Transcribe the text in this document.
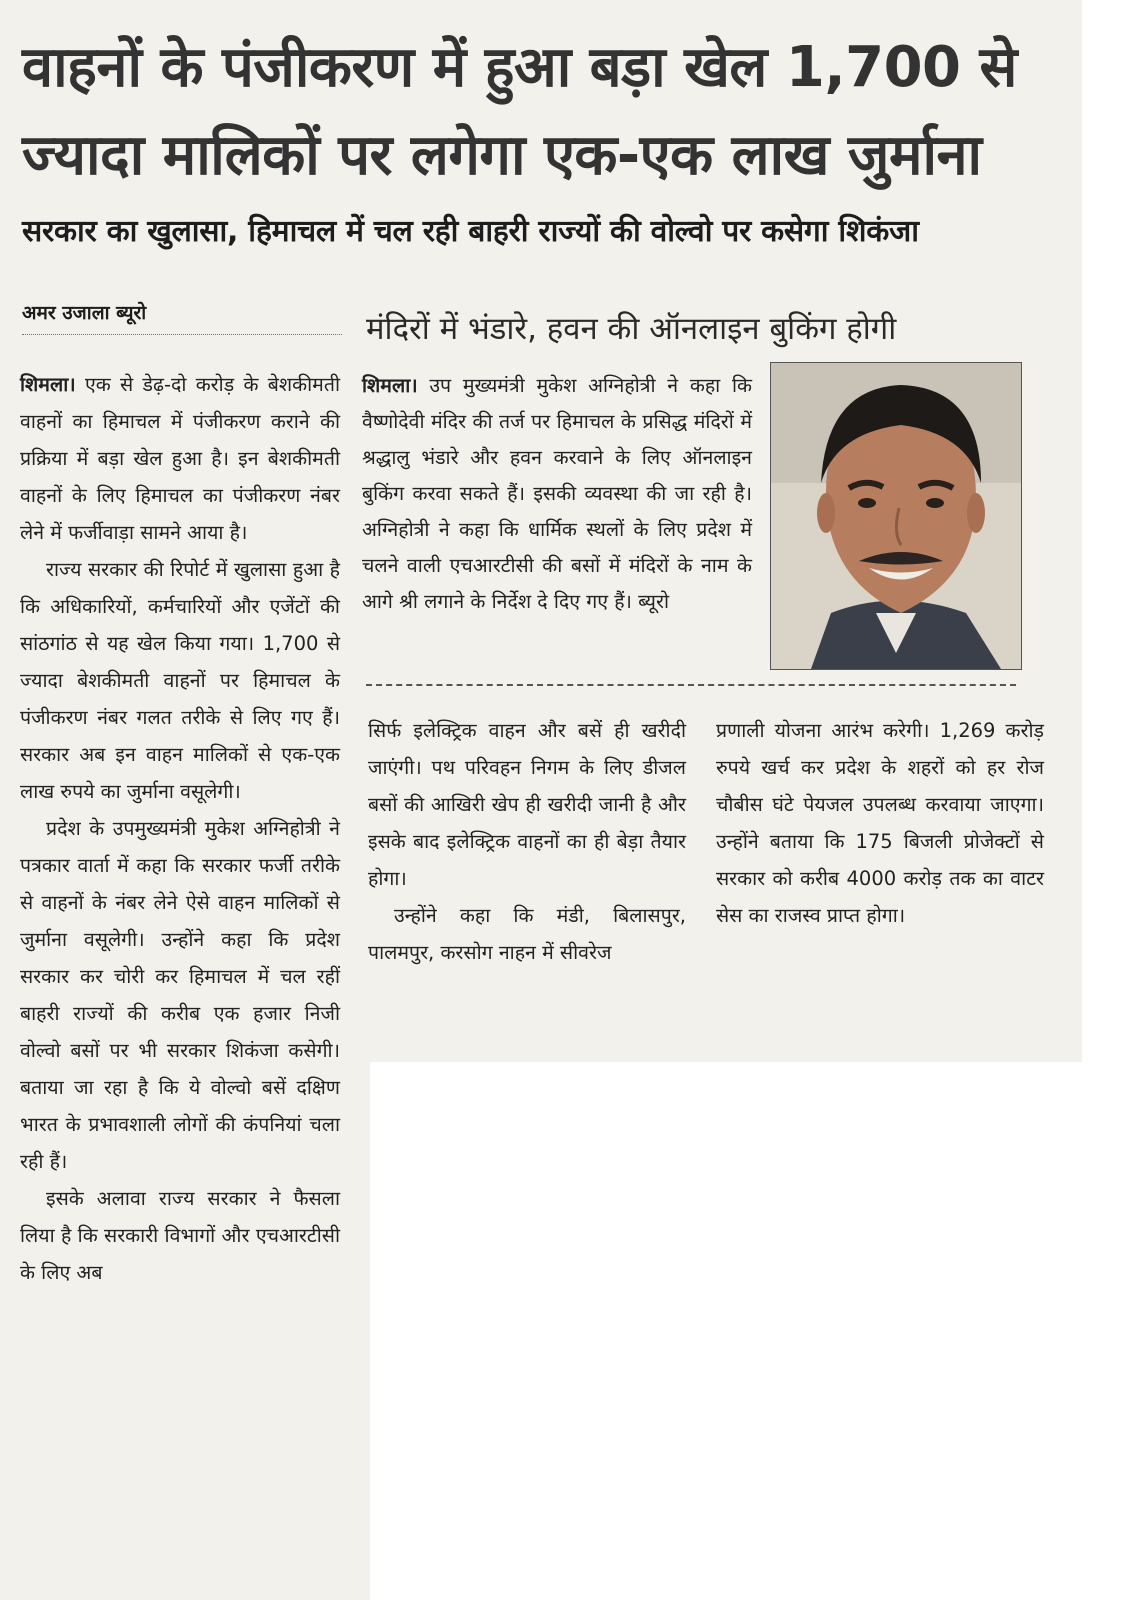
वाहनों के पंजीकरण में हुआ बड़ा खेल 1,700 से
ज्यादा मालिकों पर लगेगा एक-एक लाख जुर्माना
सरकार का खुलासा, हिमाचल में चल रही बाहरी राज्यों की वोल्वो पर कसेगा शिकंजा
अमर उजाला ब्यूरो

शिमला। एक से डेढ़-दो करोड़ के बेशकीमती वाहनों का हिमाचल में पंजीकरण कराने की प्रक्रिया में बड़ा खेल हुआ है। इन बेशकीमती वाहनों के लिए हिमाचल का पंजीकरण नंबर लेने में फर्जीवाड़ा सामने आया है।

राज्य सरकार की रिपोर्ट में खुलासा हुआ है कि अधिकारियों, कर्मचारियों और एजेंटों की सांठगांठ से यह खेल किया गया। 1,700 से ज्यादा बेशकीमती वाहनों पर हिमाचल के पंजीकरण नंबर गलत तरीके से लिए गए हैं। सरकार अब इन वाहन मालिकों से एक-एक लाख रुपये का जुर्माना वसूलेगी।

प्रदेश के उपमुख्यमंत्री मुकेश अग्निहोत्री ने पत्रकार वार्ता में कहा कि सरकार फर्जी तरीके से वाहनों के नंबर लेने ऐसे वाहन मालिकों से जुर्माना वसूलेगी। उन्होंने कहा कि प्रदेश सरकार कर चोरी कर हिमाचल में चल रहीं बाहरी राज्यों की करीब एक हजार निजी वोल्वो बसों पर भी सरकार शिकंजा कसेगी। बताया जा रहा है कि ये वोल्वो बसें दक्षिण भारत के प्रभावशाली लोगों की कंपनियां चला रही हैं।

इसके अलावा राज्य सरकार ने फैसला लिया है कि सरकारी विभागों और एचआरटीसी के लिए अब

मंदिरों में भंडारे, हवन की ऑनलाइन बुकिंग होगी

शिमला। उप मुख्यमंत्री मुकेश अग्निहोत्री ने कहा कि वैष्णोदेवी मंदिर की तर्ज पर हिमाचल के प्रसिद्ध मंदिरों में श्रद्धालु भंडारे और हवन करवाने के लिए ऑनलाइन बुकिंग करवा सकते हैं। इसकी व्यवस्था की जा रही है। अग्निहोत्री ने कहा कि धार्मिक स्थलों के लिए प्रदेश में चलने वाली एचआरटीसी की बसों में मंदिरों के नाम के आगे श्री लगाने के निर्देश दे दिए गए हैं। ब्यूरो

सिर्फ इलेक्ट्रिक वाहन और बसें ही खरीदी जाएंगी। पथ परिवहन निगम के लिए डीजल बसों की आखिरी खेप ही खरीदी जानी है और इसके बाद इलेक्ट्रिक वाहनों का ही बेड़ा तैयार होगा।

उन्होंने कहा कि मंडी, बिलासपुर, पालमपुर, करसोग नाहन में सीवरेज

प्रणाली योजना आरंभ करेगी। 1,269 करोड़ रुपये खर्च कर प्रदेश के शहरों को हर रोज चौबीस घंटे पेयजल उपलब्ध करवाया जाएगा। उन्होंने बताया कि 175 बिजली प्रोजेक्टों से सरकार को करीब 4000 करोड़ तक का वाटर सेस का राजस्व प्राप्त होगा।
